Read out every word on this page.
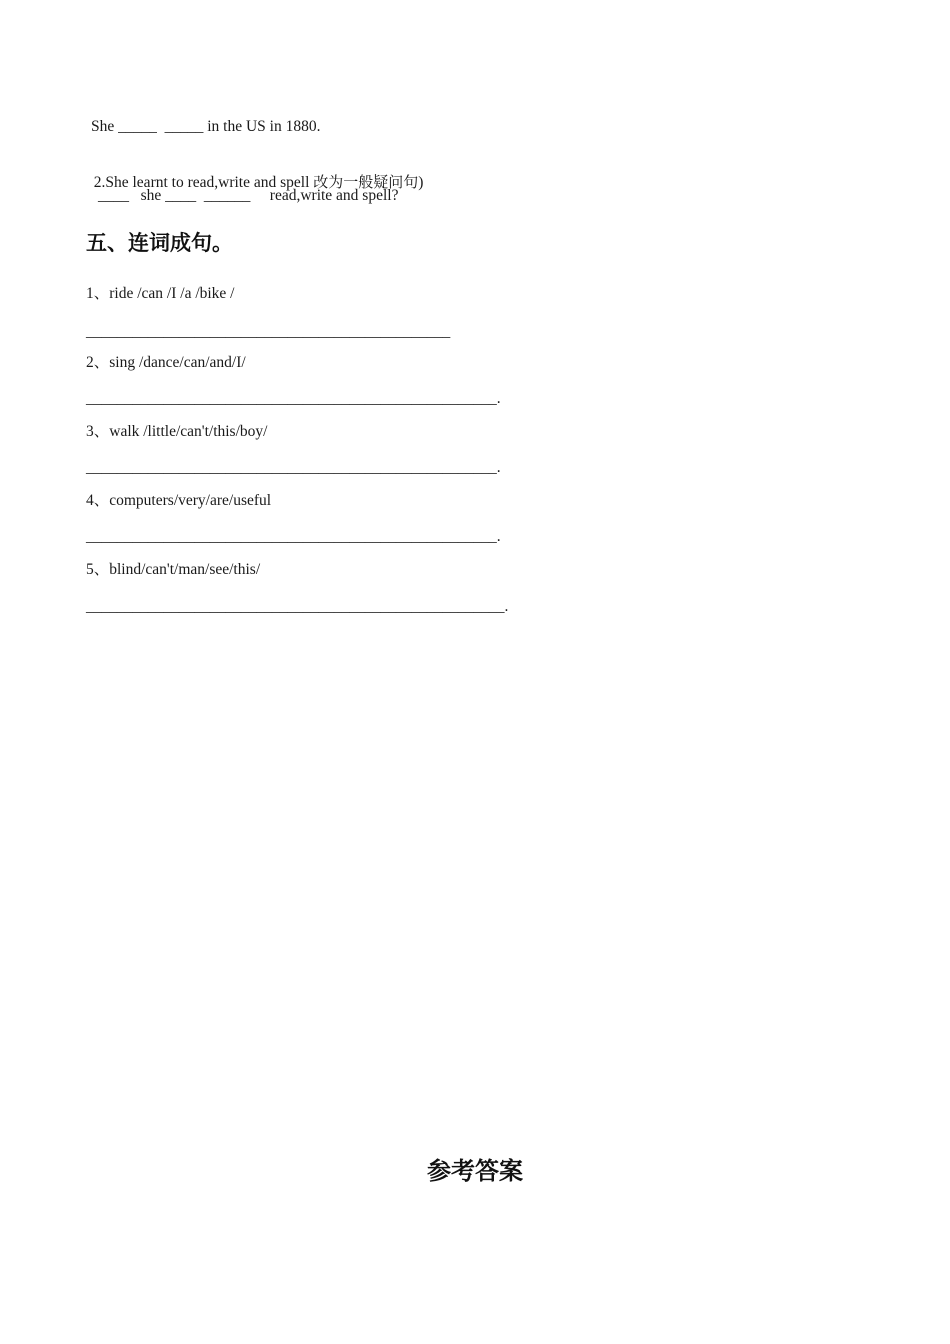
She _____  _____ in the US in 1880.

2.She learnt to read,write and spell 改为一般疑问句)

____   she ____  ______     read,write and spell?
五、连词成句。
1、ride /can /I /a /bike /
_______________________________________________
2、sing /dance/can/and/I/
_____________________________________________________.
3、walk /little/can't/this/boy/
_____________________________________________________.
4、computers/very/are/useful
_____________________________________________________.
5、blind/can't/man/see/this/
______________________________________________________.
参考答案
